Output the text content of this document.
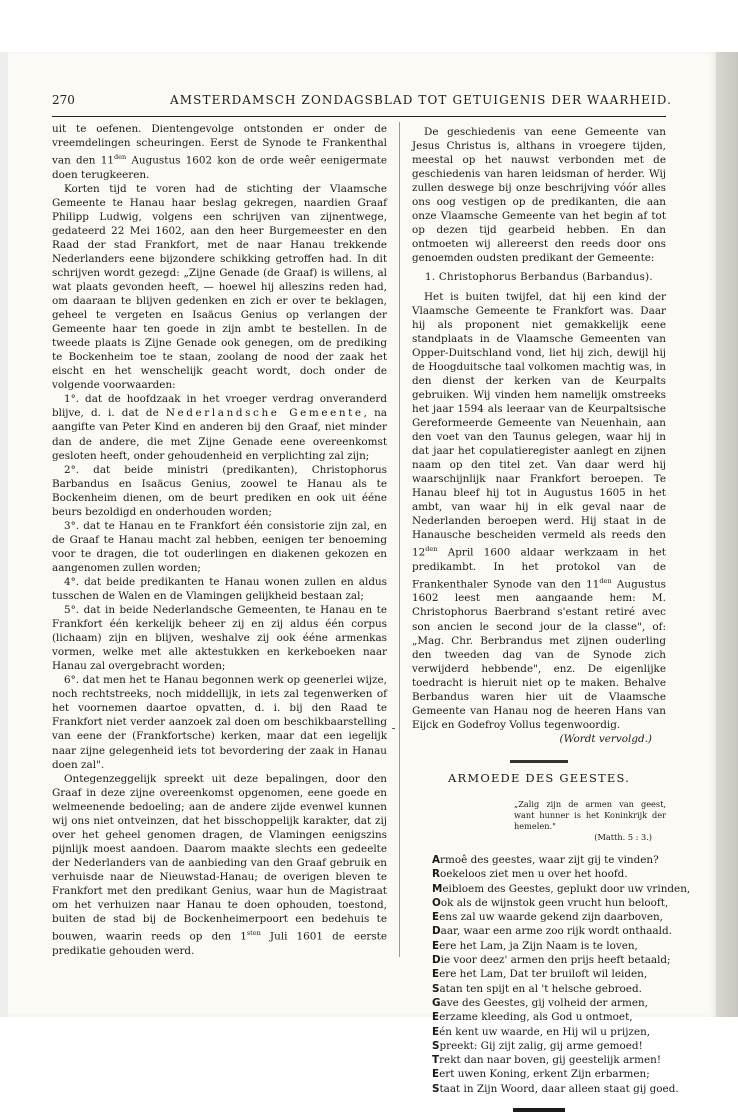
270	AMSTERDAMSCH ZONDAGSBLAD TOT GETUIGENIS DER WAARHEID.

uit te oefenen. Dientengevolge ontstonden er onder de vreemdelingen scheuringen. Eerst de Synode te Frankenthal van den $11^{den}$ Augustus 1602 kon de orde weêr eenigermate doen terugkeeren.

Korten tijd te voren had de stichting der Vlaamsche Gemeente te Hanau haar beslag gekregen, naardien Graaf Philipp Ludwig, volgens een schrijven van zijnentwege, gedateerd 22 Mei 1602, aan den heer Burgemeester en den Raad der stad Frankfort, met de naar Hanau trekkende Nederlanders eene bijzondere schikking getroffen had. In dit schrijven wordt gezegd: „Zijne Genade (de Graaf) is willens, al wat plaats gevonden heeft, — hoewel hij alleszins reden had, om daaraan te blijven gedenken en zich er over te beklagen, geheel te vergeten en Isaäcus Genius op verlangen der Gemeente haar ten goede in zijn ambt te bestellen. In de tweede plaats is Zijne Genade ook genegen, om de prediking te Bockenheim toe te staan, zoolang de nood der zaak het eischt en het wenschelijk geacht wordt, doch onder de volgende voorwaarden:

1°. dat de hoofdzaak in het vroeger verdrag onveranderd blijve, d. i. dat de Nederlandsche Gemeente, na aangifte van Peter Kind en anderen bij den Graaf, niet minder dan de andere, die met Zijne Genade eene overeenkomst gesloten heeft, onder gehoudenheid en verplichting zal zijn;

2°. dat beide ministri (predikanten), Christophorus Barbandus en Isaäcus Genius, zoowel te Hanau als te Bockenheim dienen, om de beurt prediken en ook uit ééne beurs bezoldigd en onderhouden worden;

3°. dat te Hanau en te Frankfort één consistorie zijn zal, en de Graaf te Hanau macht zal hebben, eenigen ter benoeming voor te dragen, die tot ouderlingen en diakenen gekozen en aangenomen zullen worden;

4°. dat beide predikanten te Hanau wonen zullen en aldus tusschen de Walen en de Vlamingen gelijkheid bestaan zal;

5°. dat in beide Nederlandsche Gemeenten, te Hanau en te Frankfort één kerkelijk beheer zij en zij aldus één corpus (lichaam) zijn en blijven, weshalve zij ook ééne armenkas vormen, welke met alle aktestukken en kerkeboeken naar Hanau zal overgebracht worden;

6°. dat men het te Hanau begonnen werk op geenerlei wijze, noch rechtstreeks, noch middellijk, in iets zal tegenwerken of het voornemen daartoe opvatten, d. i. bij den Raad te Frankfort niet verder aanzoek zal doen om beschikbaarstelling van eene der (Frankfortsche) kerken, maar dat een iegelijk naar zijne gelegenheid iets tot bevordering der zaak in Hanau doen zal".

Ontegenzeggelijk spreekt uit deze bepalingen, door den Graaf in deze zijne overeenkomst opgenomen, eene goede en welmeenende bedoeling; aan de andere zijde evenwel kunnen wij ons niet ontveinzen, dat het bisschoppelijk karakter, dat zij over het geheel genomen dragen, de Vlamingen eenigszins pijnlijk moest aandoen. Daarom maakte slechts een gedeelte der Nederlanders van de aanbieding van den Graaf gebruik en verhuisde naar de Nieuwstad-Hanau; de overigen bleven te Frankfort met den predikant Genius, waar hun de Magistraat om het verhuizen naar Hanau te doen ophouden, toestond, buiten de stad bij de Bockenheimerpoort een bedehuis te bouwen, waarin reeds op den $1^{sten}$ Juli 1601 de eerste predikatie gehouden werd.

De geschiedenis van eene Gemeente van Jesus Christus is, althans in vroegere tijden, meestal op het nauwst verbonden met de geschiedenis van haren leidsman of herder. Wij zullen deswege bij onze beschrijving vóór alles ons oog vestigen op de predikanten, die aan onze Vlaamsche Gemeente van het begin af tot op dezen tijd gearbeid hebben. En dan ontmoeten wij allereerst den reeds door ons genoemden oudsten predikant der Gemeente:

1. Christophorus Berbandus (Barbandus).

Het is buiten twijfel, dat hij een kind der Vlaamsche Gemeente te Frankfort was. Daar hij als proponent niet gemakkelijk eene standplaats in de Vlaamsche Gemeenten van Opper-Duitschland vond, liet hij zich, dewijl hij de Hoogduitsche taal volkomen machtig was, in den dienst der kerken van de Keurpalts gebruiken. Wij vinden hem namelijk omstreeks het jaar 1594 als leeraar van de Keurpaltsische Gereformeerde Gemeente van Neuenhain, aan den voet van den Taunus gelegen, waar hij in dat jaar het copulatieregister aanlegt en zijnen naam op den titel zet. Van daar werd hij waarschijnlijk naar Frankfort beroepen. Te Hanau bleef hij tot in Augustus 1605 in het ambt, van waar hij in elk geval naar de Nederlanden beroepen werd. Hij staat in de Hanausche bescheiden vermeld als reeds den $12^{den}$ April 1600 aldaar werkzaam in het predikambt. In het protokol van de Frankenthaler Synode van den $11^{den}$ Augustus 1602 leest men aangaande hem: M. Christophorus Baerbrand s'estant retiré avec son ancien le second jour de la classe", of: „Mag. Chr. Berbrandus met zijnen ouderling den tweeden dag van de Synode zich verwijderd hebbende", enz. De eigenlijke toedracht is hieruit niet op te maken. Behalve Berbandus waren hier uit de Vlaamsche Gemeente van Hanau nog de heeren Hans van Eijck en Godefroy Vollus tegenwoordig.

(Wordt vervolgd.)

ARMOEDE DES GEESTES.

„Zalig zijn de armen van geest, want hunner is het Koninkrijk der hemelen."

(Matth. 5 : 3.)

Armoê des geestes, waar zijt gij te vinden?
Roekeloos ziet men u over het hoofd.
Meibloem des Geestes, geplukt door uw vrinden,
Ook als de wijnstok geen vrucht hun belooft,
Eens zal uw waarde gekend zijn daarboven,
Daar, waar een arme zoo rijk wordt onthaald.
Eere het Lam, ja Zijn Naam is te loven,
Die voor deez' armen den prijs heeft betaald;
Eere het Lam, Dat ter bruiloft wil leiden,
Satan ten spijt en al 't helsche gebroed.
Gave des Geestes, gij volheid der armen,
Eerzame kleeding, als God u ontmoet,
Eén kent uw waarde, en Hij wil u prijzen,
Spreekt: Gij zijt zalig, gij arme gemoed!
Trekt dan naar boven, gij geestelijk armen!
Eert uwen Koning, erkent Zijn erbarmen;
Staat in Zijn Woord, daar alleen staat gij goed.
